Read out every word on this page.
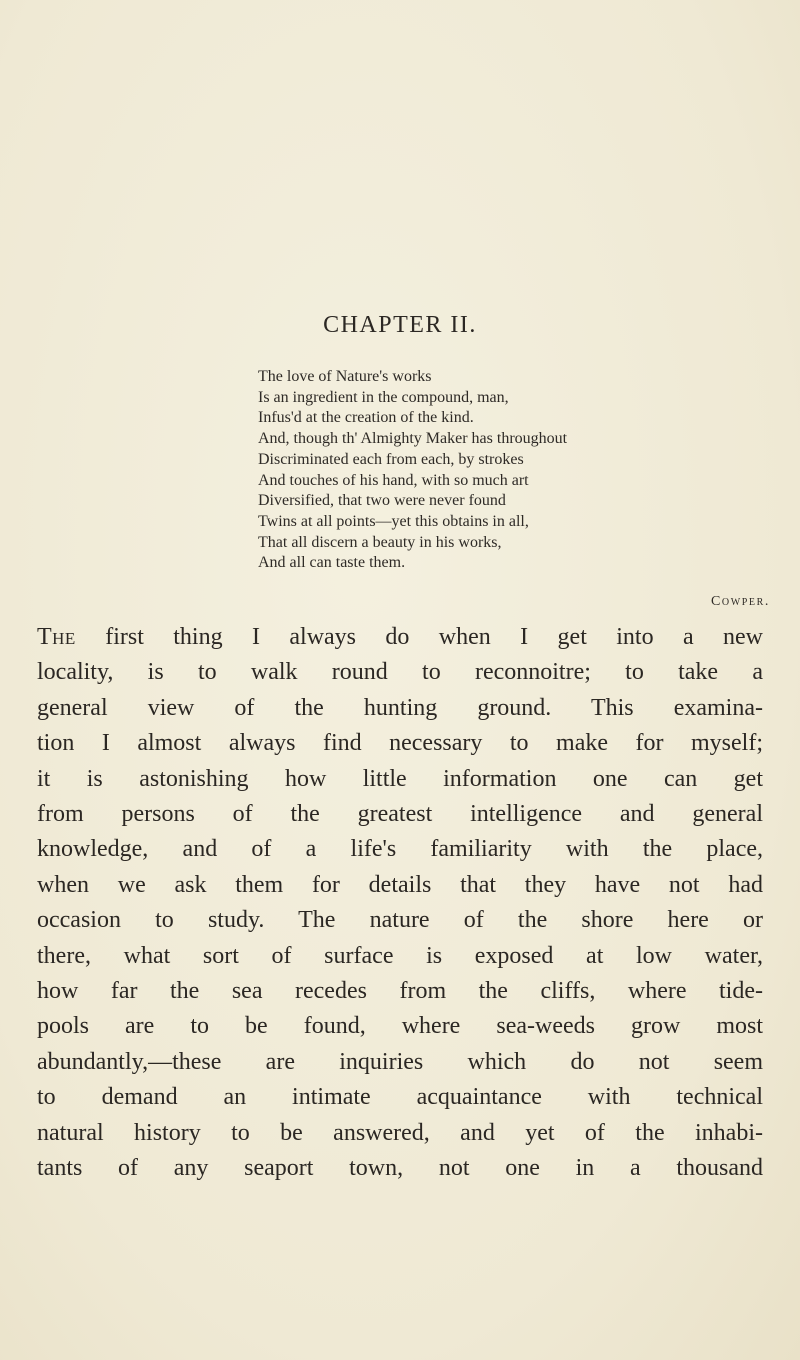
CHAPTER II.
The love of Nature's works
Is an ingredient in the compound, man,
Infus'd at the creation of the kind.
And, though th' Almighty Maker has throughout
Discriminated each from each, by strokes
And touches of his hand, with so much art
Diversified, that two were never found
Twins at all points—yet this obtains in all,
That all discern a beauty in his works,
And all can taste them.
Cowper.
The first thing I always do when I get into a new
locality, is to walk round to reconnoitre; to take a
general view of the hunting ground. This examina-
tion I almost always find necessary to make for myself;
it is astonishing how little information one can get
from persons of the greatest intelligence and general
knowledge, and of a life's familiarity with the place,
when we ask them for details that they have not had
occasion to study. The nature of the shore here or
there, what sort of surface is exposed at low water,
how far the sea recedes from the cliffs, where tide-
pools are to be found, where sea-weeds grow most
abundantly,—these are inquiries which do not seem
to demand an intimate acquaintance with technical
natural history to be answered, and yet of the inhabi-
tants of any seaport town, not one in a thousand
